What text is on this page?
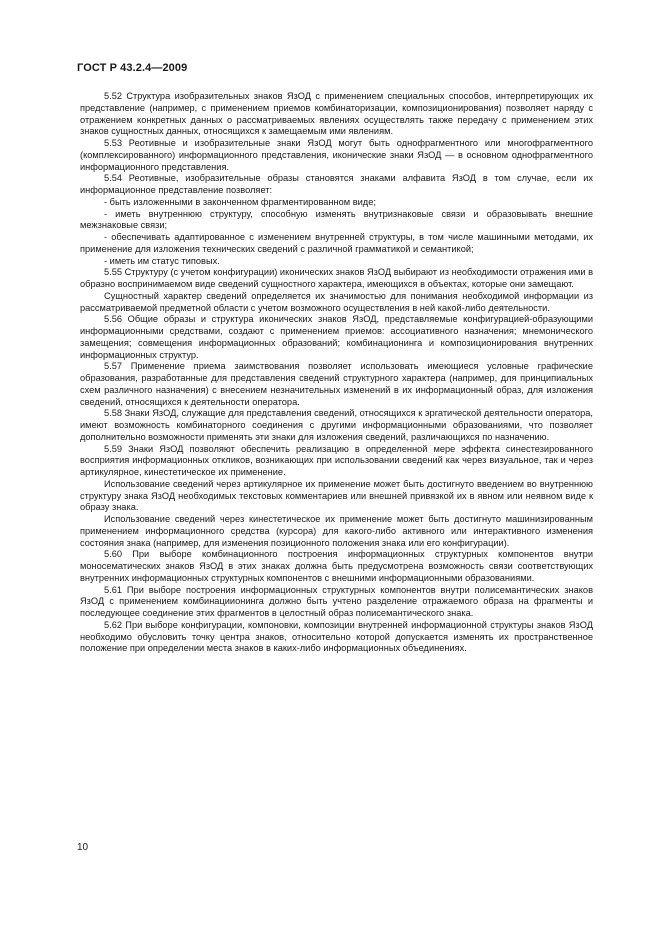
ГОСТ Р 43.2.4—2009

5.52 Структура изобразительных знаков ЯзОД с применением специальных способов, интерпретирующих их представление (например, с применением приемов комбинаторизации, композиционирования) позволяет наряду с отражением конкретных данных о рассматриваемых явлениях осуществлять также передачу с применением этих знаков сущностных данных, относящихся к замещаемым ими явлениям.

5.53 Реотивные и изобразительные знаки ЯзОД могут быть однофрагментного или многофрагментного (комплексированного) информационного представления, иконические знаки ЯзОД — в основном однофрагментного информационного представления.

5.54 Реотивные, изобразительные образы становятся знаками алфавита ЯзОД в том случае, если их информационное представление позволяет:

- быть изложенными в законченном фрагментированном виде;

- иметь внутреннюю структуру, способную изменять внутризнаковые связи и образовывать внешние межзнаковые связи;

- обеспечивать адаптированное с изменением внутренней структуры, в том числе машинными методами, их применение для изложения технических сведений с различной грамматикой и семантикой;

- иметь им статус типовых.

5.55 Структуру (с учетом конфигурации) иконических знаков ЯзОД выбирают из необходимости отражения ими в образно воспринимаемом виде сведений сущностного характера, имеющихся в объектах, которые они замещают.

Сущностный характер сведений определяется их значимостью для понимания необходимой информации из рассматриваемой предметной области с учетом возможного осуществления в ней какой-либо деятельности.

5.56 Общие образы и структура иконических знаков ЯзОД, представляемые конфигурацией-образующими информационными средствами, создают с применением приемов: ассоциативного назначения; мнемонического замещения; совмещения информационных образований; комбинационинга и композиционирования внутренних информационных структур.

5.57 Применение приема заимствования позволяет использовать имеющиеся условные графические образования, разработанные для представления сведений структурного характера (например, для принципиальных схем различного назначения) с внесением незначительных изменений в их информационный образ, для изложения сведений, относящихся к деятельности оператора.

5.58 Знаки ЯзОД, служащие для представления сведений, относящихся к эргатической деятельности оператора, имеют возможность комбинаторного соединения с другими информационными образованиями, что позволяет дополнительно возможности применять эти знаки для изложения сведений, различающихся по назначению.

5.59 Знаки ЯзОД позволяют обеспечить реализацию в определенной мере эффекта синестезированного восприятия информационных откликов, возникающих при использовании сведений как через визуальное, так и через артикулярное, кинестетическое их применение.

Использование сведений через артикулярное их применение может быть достигнуто введением во внутреннюю структуру знака ЯзОД необходимых текстовых комментариев или внешней привязкой их в явном или неявном виде к образу знака.

Использование сведений через кинестетическое их применение может быть достигнуто машинизированным применением информационного средства (курсора) для какого-либо активного или интерактивного изменения состояния знака (например, для изменения позиционного положения знака или его конфигурации).

5.60 При выборе комбинационного построения информационных структурных компонентов внутри моносематических знаков ЯзОД в этих знаках должна быть предусмотрена возможность связи соответствующих внутренних информационных структурных компонентов с внешними информационными образованиями.

5.61 При выборе построения информационных структурных компонентов внутри полисемантических знаков ЯзОД с применением комбинациионинга должно быть учтено разделение отражаемого образа на фрагменты и последующее соединение этих фрагментов в целостный образ полисемантического знака.

5.62 При выборе конфигурации, компоновки, композиции внутренней информационной структуры знаков ЯзОД необходимо обусловить точку центра знаков, относительно которой допускается изменять их пространственное положение при определении места знаков в каких-либо информационных объединениях.

10
